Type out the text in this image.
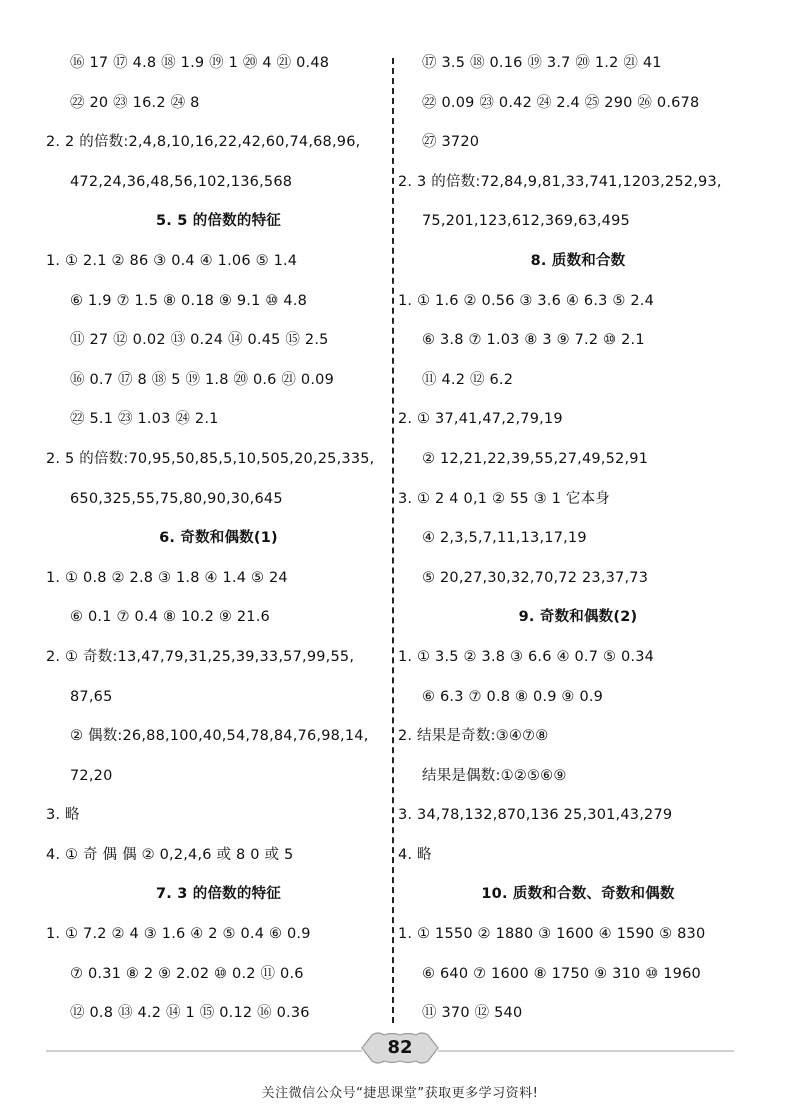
⑯ 17 ⑰ 4.8 ⑱ 1.9 ⑲ 1 ⑳ 4 ㉑ 0.48
㉒ 20 ㉓ 16.2 ㉔ 8
2. 2 的倍数:2,4,8,10,16,22,42,60,74,68,96,
472,24,36,48,56,102,136,568
5. 5 的倍数的特征
1. ① 2.1 ② 86 ③ 0.4 ④ 1.06 ⑤ 1.4
⑥ 1.9 ⑦ 1.5 ⑧ 0.18 ⑨ 9.1 ⑩ 4.8
⑪ 27 ⑫ 0.02 ⑬ 0.24 ⑭ 0.45 ⑮ 2.5
⑯ 0.7 ⑰ 8 ⑱ 5 ⑲ 1.8 ⑳ 0.6 ㉑ 0.09
㉒ 5.1 ㉓ 1.03 ㉔ 2.1
2. 5 的倍数:70,95,50,85,5,10,505,20,25,335,
650,325,55,75,80,90,30,645
6. 奇数和偶数(1)
1. ① 0.8 ② 2.8 ③ 1.8 ④ 1.4 ⑤ 24
⑥ 0.1 ⑦ 0.4 ⑧ 10.2 ⑨ 21.6
2. ① 奇数:13,47,79,31,25,39,33,57,99,55,
87,65
② 偶数:26,88,100,40,54,78,84,76,98,14,
72,20
3. 略
4. ① 奇 偶 偶 ② 0,2,4,6 或 8 0 或 5
7. 3 的倍数的特征
1. ① 7.2 ② 4 ③ 1.6 ④ 2 ⑤ 0.4 ⑥ 0.9
⑦ 0.31 ⑧ 2 ⑨ 2.02 ⑩ 0.2 ⑪ 0.6
⑫ 0.8 ⑬ 4.2 ⑭ 1 ⑮ 0.12 ⑯ 0.36
⑰ 3.5 ⑱ 0.16 ⑲ 3.7 ⑳ 1.2 ㉑ 41
㉒ 0.09 ㉓ 0.42 ㉔ 2.4 ㉕ 290 ㉖ 0.678
㉗ 3720
2. 3 的倍数:72,84,9,81,33,741,1203,252,93,
75,201,123,612,369,63,495
8. 质数和合数
1. ① 1.6 ② 0.56 ③ 3.6 ④ 6.3 ⑤ 2.4
⑥ 3.8 ⑦ 1.03 ⑧ 3 ⑨ 7.2 ⑩ 2.1
⑪ 4.2 ⑫ 6.2
2. ① 37,41,47,2,79,19
② 12,21,22,39,55,27,49,52,91
3. ① 2 4 0,1 ② 55 ③ 1 它本身
④ 2,3,5,7,11,13,17,19
⑤ 20,27,30,32,70,72 23,37,73
9. 奇数和偶数(2)
1. ① 3.5 ② 3.8 ③ 6.6 ④ 0.7 ⑤ 0.34
⑥ 6.3 ⑦ 0.8 ⑧ 0.9 ⑨ 0.9
2. 结果是奇数:③④⑦⑧
结果是偶数:①②⑤⑥⑨
3. 34,78,132,870,136 25,301,43,279
4. 略
10. 质数和合数、奇数和偶数
1. ① 1550 ② 1880 ③ 1600 ④ 1590 ⑤ 830
⑥ 640 ⑦ 1600 ⑧ 1750 ⑨ 310 ⑩ 1960
⑪ 370 ⑫ 540
82
关注微信公众号“捷思课堂”获取更多学习资料!
